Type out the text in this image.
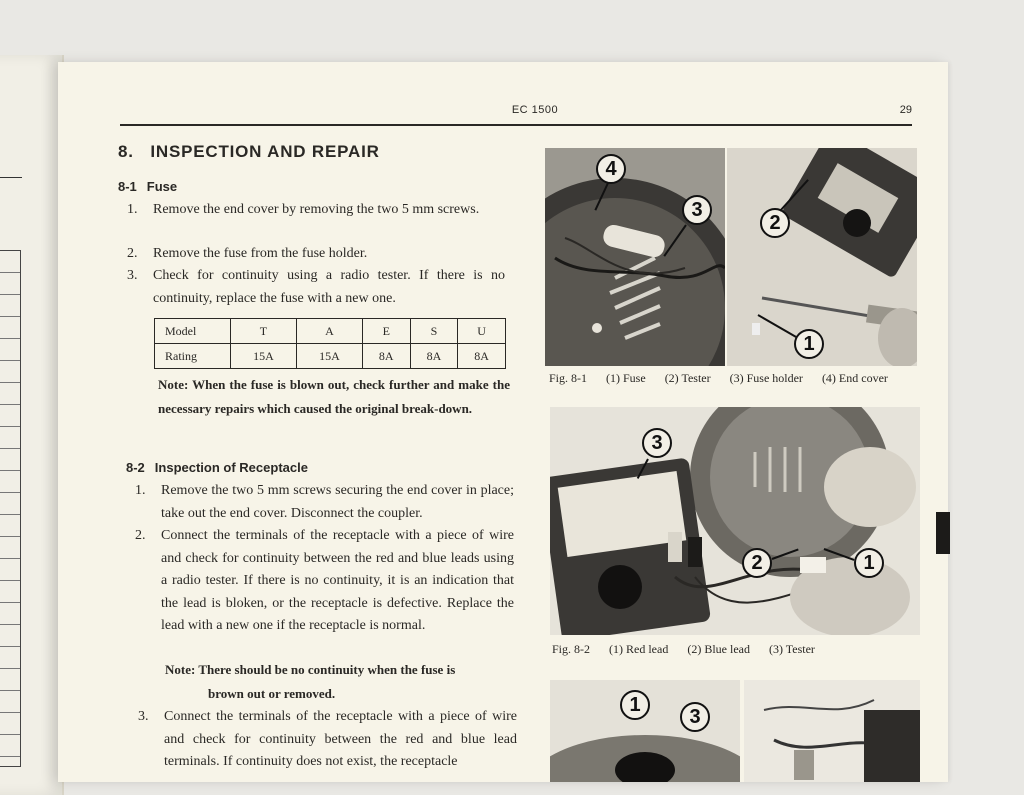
EC 1500	29
8. INSPECTION AND REPAIR
8-1 Fuse
1. Remove the end cover by removing the two 5 mm screws.
2. Remove the fuse from the fuse holder.
3. Check for continuity using a radio tester. If there is no continuity, replace the fuse with a new one.
Model	T	A	E	S	U
Rating	15A	15A	8A	8A	8A
Note: When the fuse is blown out, check further and make the necessary repairs which caused the original break-down.
8-2 Inspection of Receptacle
1. Remove the two 5 mm screws securing the end cover in place; take out the end cover. Disconnect the coupler.
2. Connect the terminals of the receptacle with a piece of wire and check for continuity between the red and blue leads using a radio tester. If there is no continuity, it is an indication that the lead is bloken, or the receptacle is defective. Replace the lead with a new one if the receptacle is normal.
Note: There should be no continuity when the fuse is
brown out or removed.
3. Connect the terminals of the receptacle with a piece of wire and check for continuity between the red and blue lead terminals. If continuity does not exist, the receptacle
4
3
2
1
Fig. 8-1 (1) Fuse (2) Tester (3) Fuse holder (4) End cover
3
2	1
Fig. 8-2 (1) Red lead (2) Blue lead (3) Tester
1
3
